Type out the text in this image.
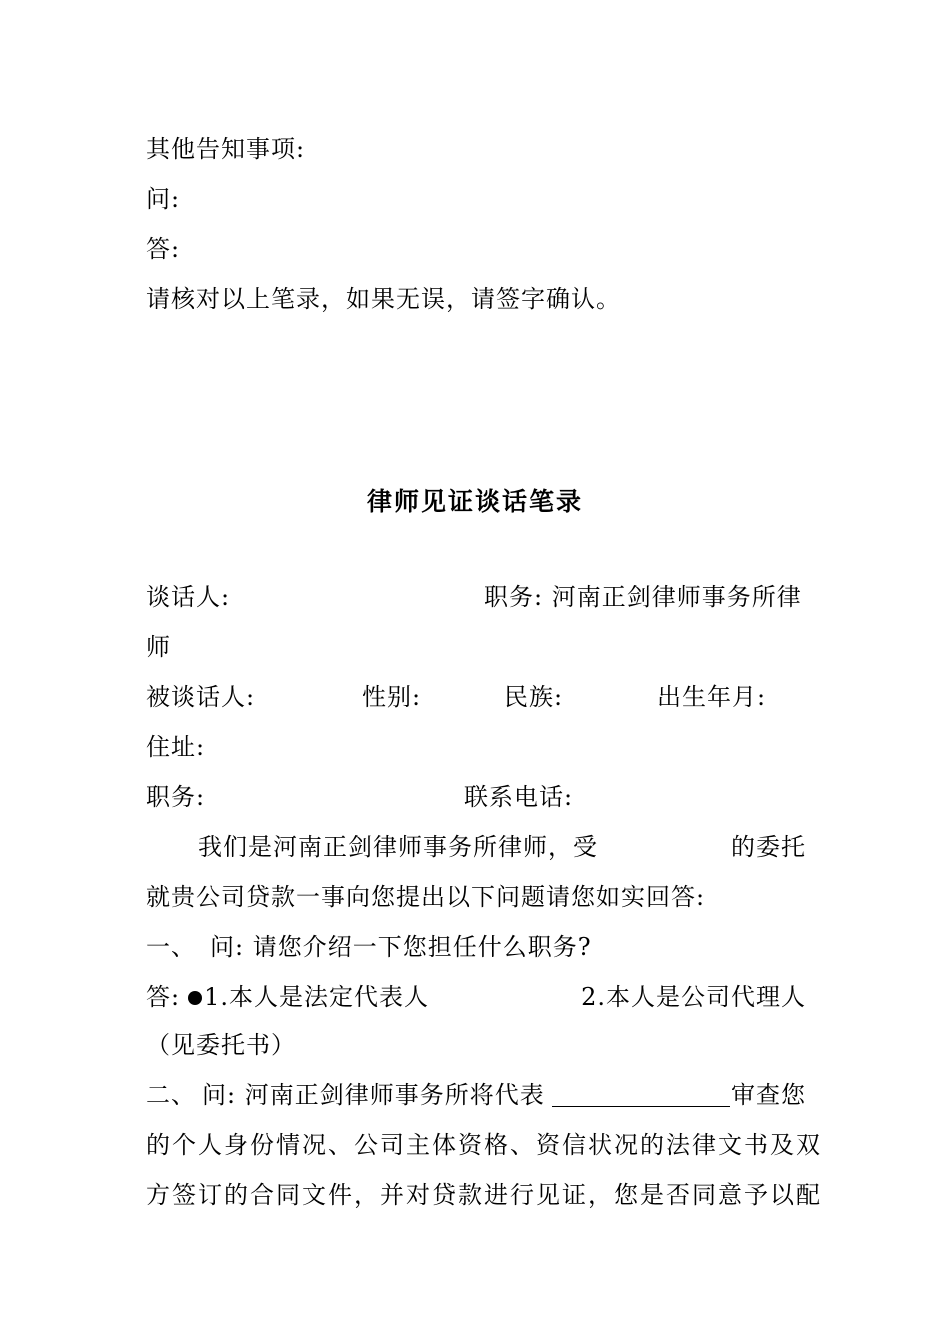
其他告知事项:
问:
答:
请核对以上笔录，如果无误，请签字确认。
律师见证谈话笔录
谈话人:	职务: 河南正剑律师事务所律
师
被谈话人:	性别:	民族:	出生年月:
住址:
职务:	联系电话:
我们是河南正剑律师事务所律师，受	的委托
就贵公司贷款一事向您提出以下问题请您如实回答:
一、 问: 请您介绍一下您担任什么职务?
答: 1.本人是法定代表人	2.本人是公司代理人
（见委托书）
二、 问: 河南正剑律师事务所将代表	审查您
的个人身份情况、公司主体资格、资信状况的法律文书及双
方签订的合同文件，并对贷款进行见证，您是否同意予以配
